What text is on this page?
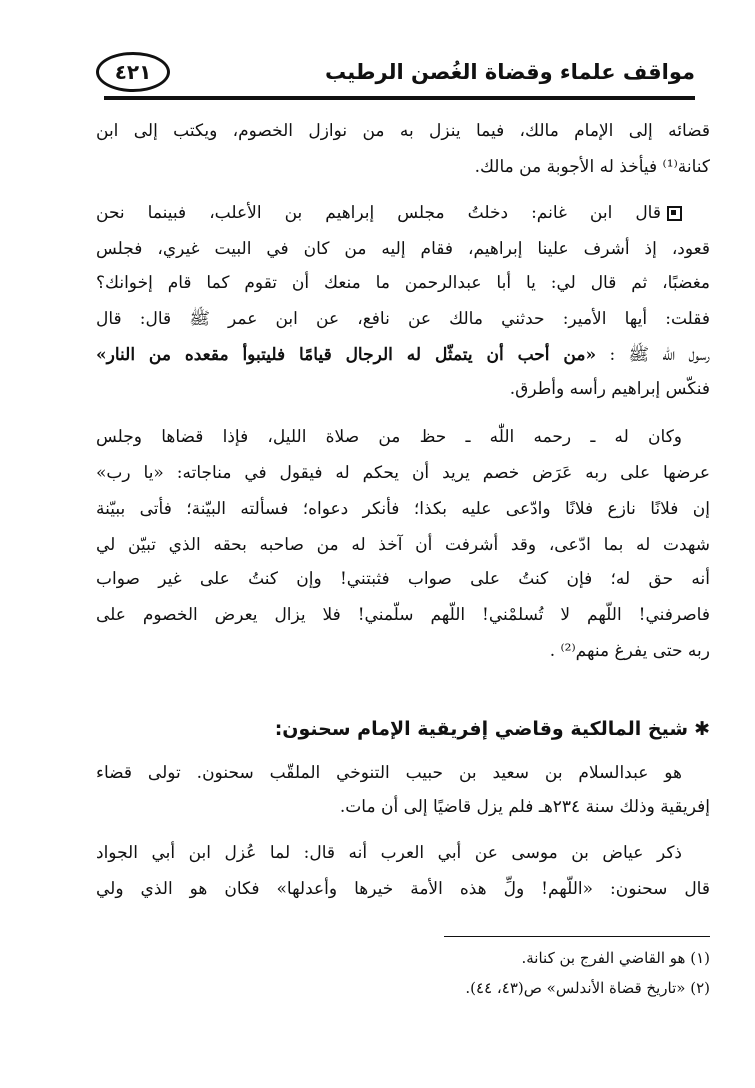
مواقف علماء وقضاة الغُصن الرطيب
٤٢١
قضائه إلى الإمام مالك، فيما ينزل به من نوازل الخصوم، ويكتب إلى ابن
كنانة⁽¹⁾ فيأخذ له الأجوبة من مالك.
قال ابن غانم: دخلتُ مجلس إبراهيم بن الأعلب، فبينما نحن
قعود، إذ أشرف علينا إبراهيم، فقام إليه من كان في البيت غيري، فجلس
مغضبًا، ثم قال لي: يا أبا عبدالرحمن ما منعك أن تقوم كما قام إخوانك؟
فقلت: أيها الأمير: حدثني مالك عن نافع، عن ابن عمر ﷺ قال: قال
رسول اللّٰه ﷺ : «من أحب أن يتمثّل له الرجال قيامًا فليتبوأ مقعده من النار»
فنكّس إبراهيم رأسه وأطرق.
وكان له ـ رحمه اللّٰه ـ حظ من صلاة الليل، فإذا قضاها وجلس
عرضها على ربه عَرَض خصم يريد أن يحكم له فيقول في مناجاته: «يا رب»
إن فلانًا نازع فلانًا وادّعى عليه بكذا؛ فأنكر دعواه؛ فسألته البيّنة؛ فأتى ببيّنة
شهدت له بما ادّعى، وقد أشرفت أن آخذ له من صاحبه بحقه الذي تبيّن لي
أنه حق له؛ فإن كنتُ على صواب فثبتني! وإن كنتُ على غير صواب
فاصرفني! اللّهم لا تُسلمْني! اللّهم سلّمني! فلا يزال يعرض الخصوم على
ربه حتى يفرغ منهم⁽²⁾ .
✱شيخ المالكية وقاضي إفريقية الإمام سحنون:
هو عبدالسلام بن سعيد بن حبيب التنوخي الملقّب سحنون. تولى قضاء
إفريقية وذلك سنة ٢٣٤هـ فلم يزل قاضيًا إلى أن مات.
ذكر عياض بن موسى عن أبي العرب أنه قال: لما عُزل ابن أبي الجواد
قال سحنون: «اللّهم! ولِّ هذه الأمة خيرها وأعدلها» فكان هو الذي ولي
(١) هو القاضي الفرج بن كنانة.
(٢) «تاريخ قضاة الأندلس» ص(٤٣، ٤٤).
